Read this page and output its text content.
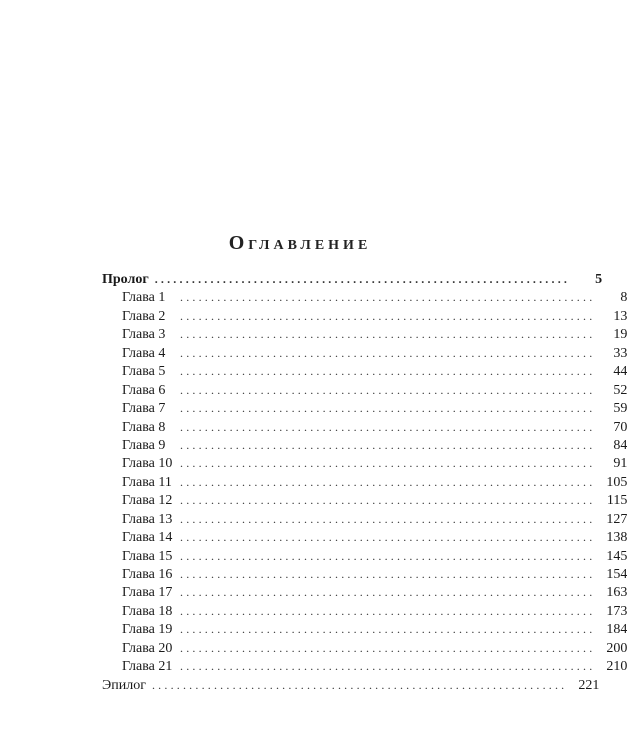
Оглавление
Пролог ...................................................................	5
Глава 1	...................................................................	8
Глава 2	...................................................................	13
Глава 3	...................................................................	19
Глава 4	...................................................................	33
Глава 5	...................................................................	44
Глава 6	...................................................................	52
Глава 7	...................................................................	59
Глава 8	...................................................................	70
Глава 9	...................................................................	84
Глава 10 ...................................................................	91
Глава 11 ................................................................... 105
Глава 12 ................................................................... 115
Глава 13 ................................................................... 127
Глава 14 ................................................................... 138
Глава 15 ................................................................... 145
Глава 16 ................................................................... 154
Глава 17 ................................................................... 163
Глава 18 ................................................................... 173
Глава 19 ................................................................... 184
Глава 20 ................................................................... 200
Глава 21 ................................................................... 210
Эпилог ................................................................... 221
